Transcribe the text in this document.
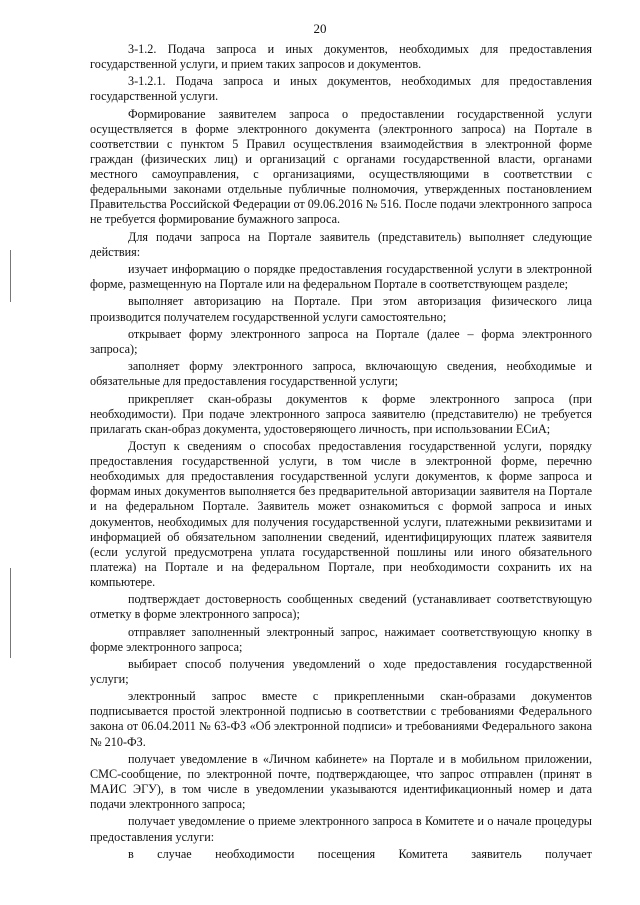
20

3-1.2. Подача запроса и иных документов, необходимых для предоставления государственной услуги, и прием таких запросов и документов.

3-1.2.1. Подача запроса и иных документов, необходимых для предоставления государственной услуги.

Формирование заявителем запроса о предоставлении государственной услуги осуществляется в форме электронного документа (электронного запроса) на Портале в соответствии с пунктом 5 Правил осуществления взаимодействия в электронной форме граждан (физических лиц) и организаций с органами государственной власти, органами местного самоуправления, с организациями, осуществляющими в соответствии с федеральными законами отдельные публичные полномочия, утвержденных постановлением Правительства Российской Федерации от 09.06.2016 № 516. После подачи электронного запроса не требуется формирование бумажного запроса.

Для подачи запроса на Портале заявитель (представитель) выполняет следующие действия:

изучает информацию о порядке предоставления государственной услуги в электронной форме, размещенную на Портале или на федеральном Портале в соответствующем разделе;

выполняет авторизацию на Портале. При этом авторизация физического лица производится получателем государственной услуги самостоятельно;

открывает форму электронного запроса на Портале (далее – форма электронного запроса);

заполняет форму электронного запроса, включающую сведения, необходимые и обязательные для предоставления государственной услуги;

прикрепляет скан-образы документов к форме электронного запроса (при необходимости). При подаче электронного запроса заявителю (представителю) не требуется прилагать скан-образ документа, удостоверяющего личность, при использовании ЕСиА;

Доступ к сведениям о способах предоставления государственной услуги, порядку предоставления государственной услуги, в том числе в электронной форме, перечню необходимых для предоставления государственной услуги документов, к форме запроса и формам иных документов выполняется без предварительной авторизации заявителя на Портале и на федеральном Портале. Заявитель может ознакомиться с формой запроса и иных документов, необходимых для получения государственной услуги, платежными реквизитами и информацией об обязательном заполнении сведений, идентифицирующих платеж заявителя (если услугой предусмотрена уплата государственной пошлины или иного обязательного платежа) на Портале и на федеральном Портале, при необходимости сохранить их на компьютере.

подтверждает достоверность сообщенных сведений (устанавливает соответствующую отметку в форме электронного запроса);

отправляет заполненный электронный запрос, нажимает соответствующую кнопку в форме электронного запроса;

выбирает способ получения уведомлений о ходе предоставления государственной услуги;

электронный запрос вместе с прикрепленными скан-образами документов подписывается простой электронной подписью в соответствии с требованиями Федерального закона от 06.04.2011 № 63-ФЗ «Об электронной подписи» и требованиями Федерального закона № 210-ФЗ.

получает уведомление в «Личном кабинете» на Портале и в мобильном приложении, СМС-сообщение, по электронной почте, подтверждающее, что запрос отправлен (принят в МАИС ЭГУ), в том числе в уведомлении указываются идентификационный номер и дата подачи электронного запроса;

получает уведомление о приеме электронного запроса в Комитете и о начале процедуры предоставления услуги:

в случае необходимости посещения Комитета заявитель получает
